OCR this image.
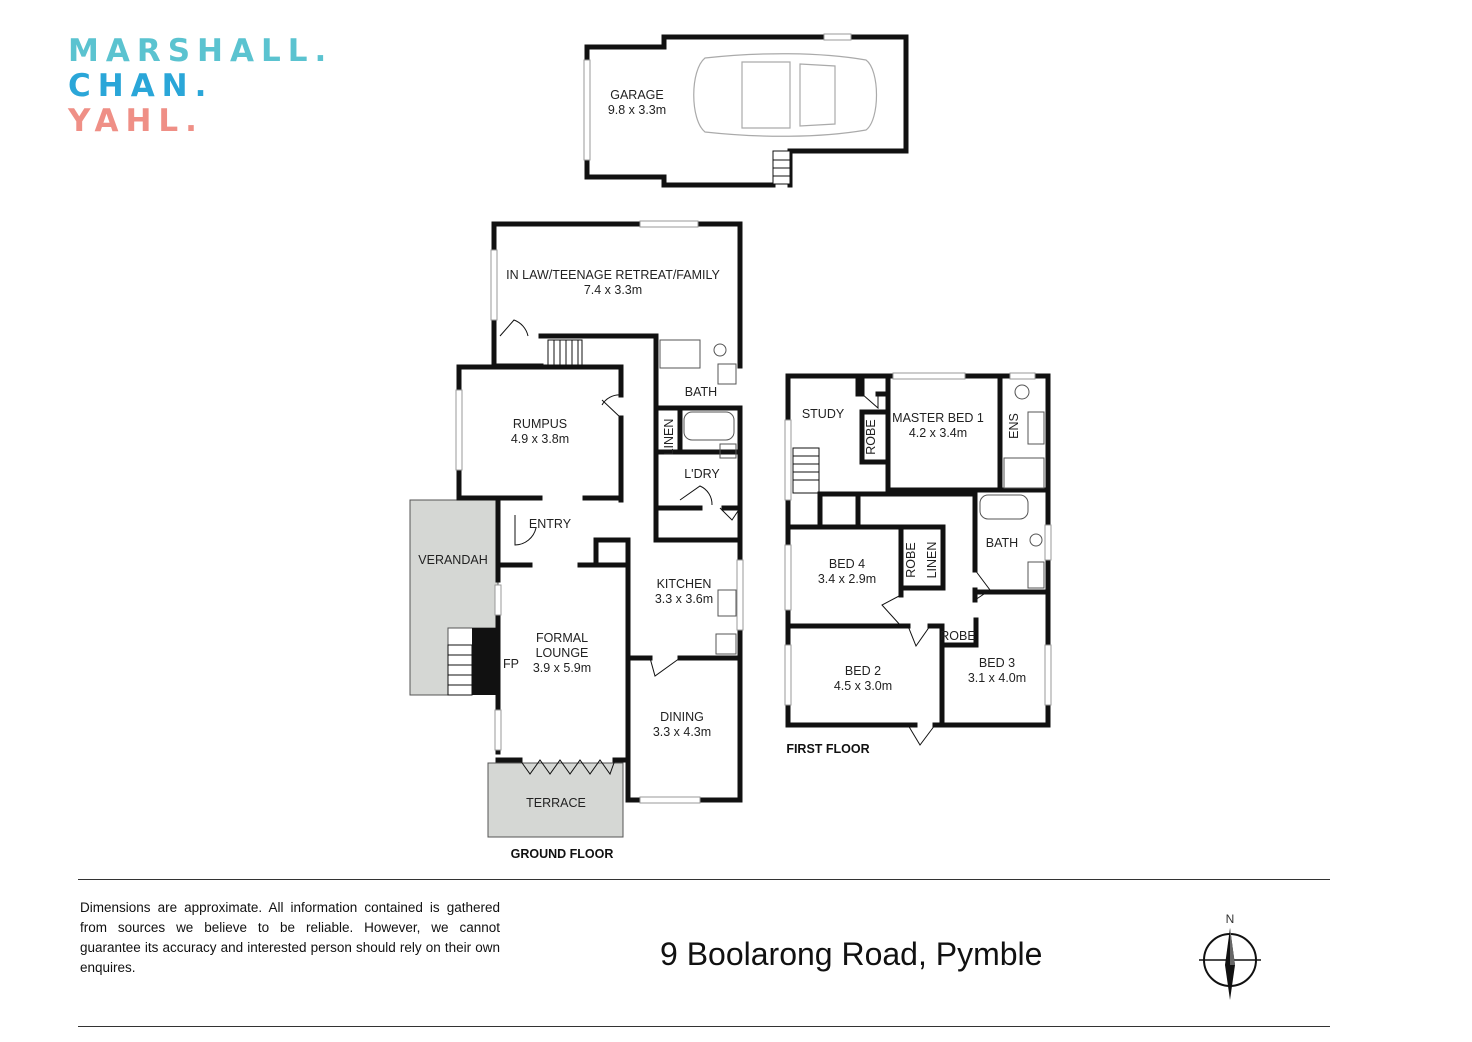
MARSHALL.
CHAN.
YAHL.
GARAGE
9.8 x 3.3m
IN LAW/TEENAGE RETREAT/FAMILY
7.4 x 3.3m
RUMPUS
4.9 x 3.8m
BATH
LINEN
L'DRY
ENTRY
VERANDAH
KITCHEN
3.3 x 3.6m
FORMAL
LOUNGE
3.9 x 5.9m
FP
DINING
3.3 x 4.3m
TERRACE
GROUND FLOOR
STUDY	MASTER BED 1
4.2 x 3.4m
ROBE	ENS
BED 4
3.4 x 2.9m
ROBE LINEN	BATH
BED 2
4.5 x 3.0m
ROBE
BED 3
3.1 x 4.0m
FIRST FLOOR
Dimensions are approximate. All information contained is gathered from sources we believe to be reliable. However, we cannot guarantee its accuracy and interested person should rely on their own enquires.	9 Boolarong Road, Pymble
N
